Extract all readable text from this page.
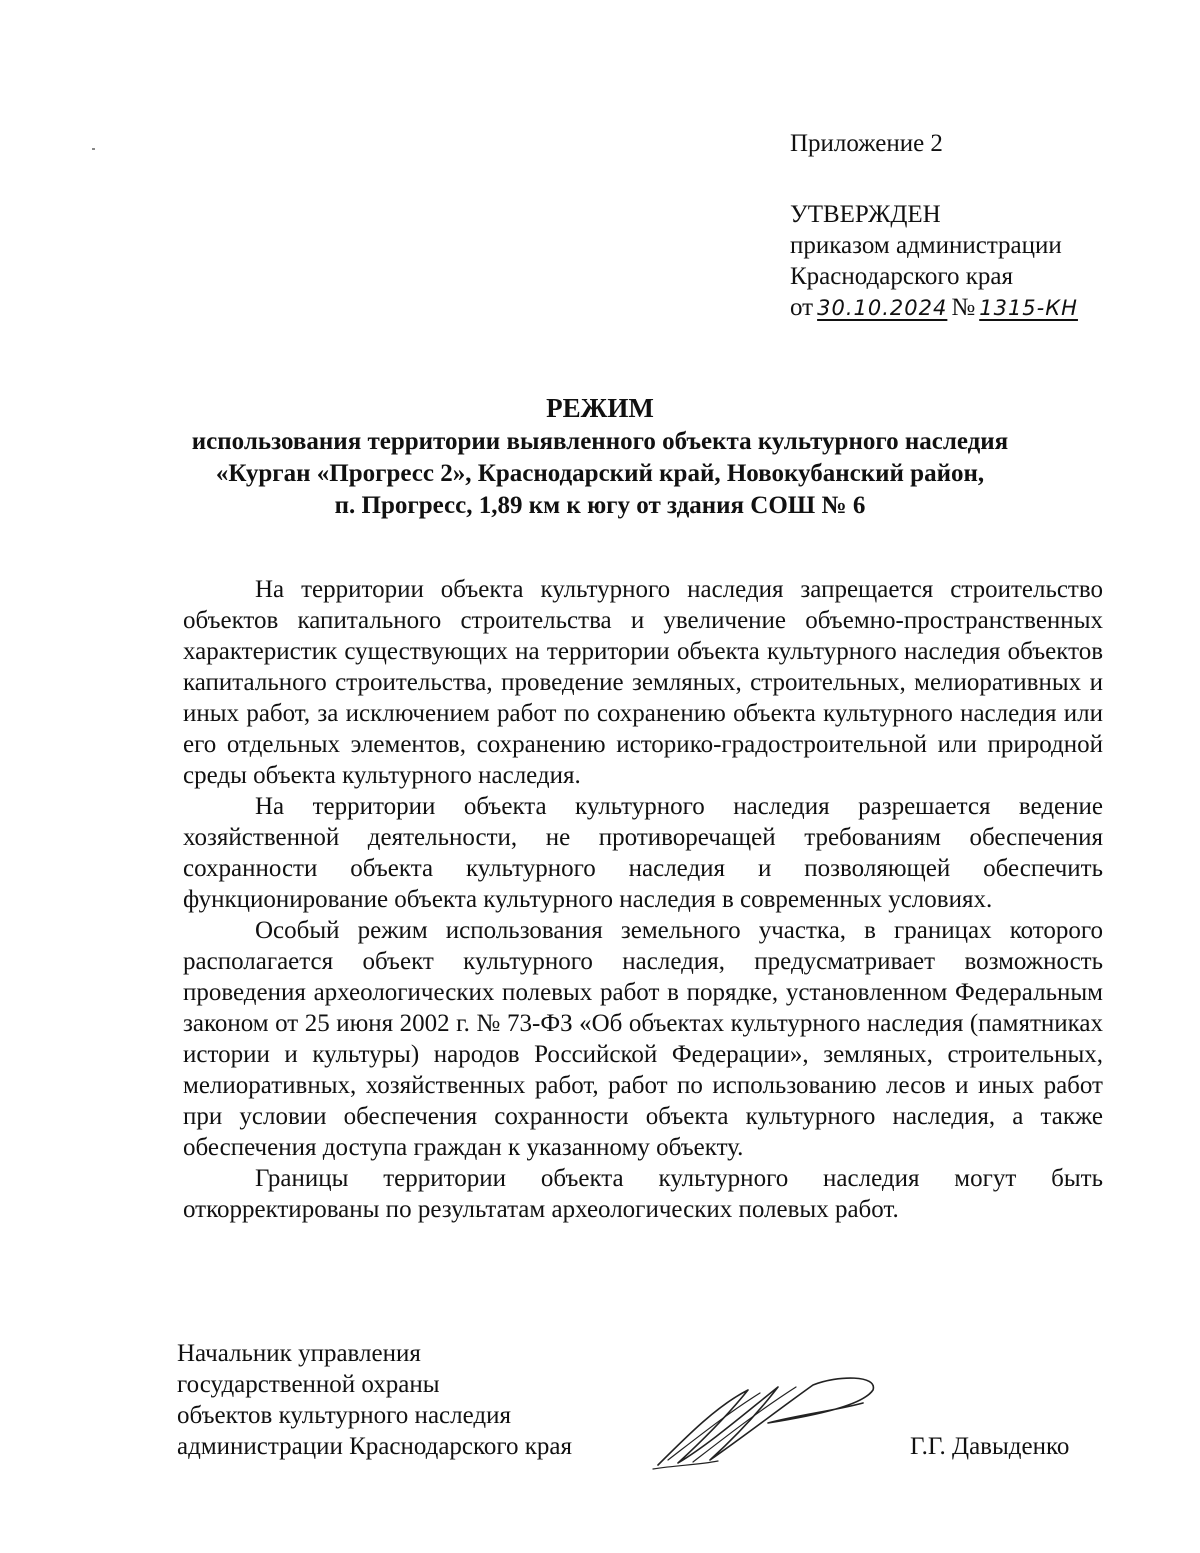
Приложение 2
УТВЕРЖДЕН
приказом администрации
Краснодарского края
от 30.10.2024 № 1315-КН
РЕЖИМ
использования территории выявленного объекта культурного наследия
«Курган «Прогресс 2», Краснодарский край, Новокубанский район,
п. Прогресс, 1,89 км к югу от здания СОШ № 6

На территории объекта культурного наследия запрещается строительство объектов капитального строительства и увеличение объемно-пространственных характеристик существующих на территории объекта культурного наследия объектов капитального строительства, проведение земляных, строительных, мелиоративных и иных работ, за исключением работ по сохранению объекта культурного наследия или его отдельных элементов, сохранению историко-градостроительной или природной среды объекта культурного наследия.

На территории объекта культурного наследия разрешается ведение хозяйственной деятельности, не противоречащей требованиям обеспечения сохранности объекта культурного наследия и позволяющей обеспечить функционирование объекта культурного наследия в современных условиях.

Особый режим использования земельного участка, в границах которого располагается объект культурного наследия, предусматривает возможность проведения археологических полевых работ в порядке, установленном Федеральным законом от 25 июня 2002 г. № 73-ФЗ «Об объектах культурного наследия (памятниках истории и культуры) народов Российской Федерации», земляных, строительных, мелиоративных, хозяйственных работ, работ по использованию лесов и иных работ при условии обеспечения сохранности объекта культурного наследия, а также обеспечения доступа граждан к указанному объекту.

Границы территории объекта культурного наследия могут быть откорректированы по результатам археологических полевых работ.

Начальник управления
государственной охраны
объектов культурного наследия
администрации Краснодарского края	Г.Г. Давыденко
